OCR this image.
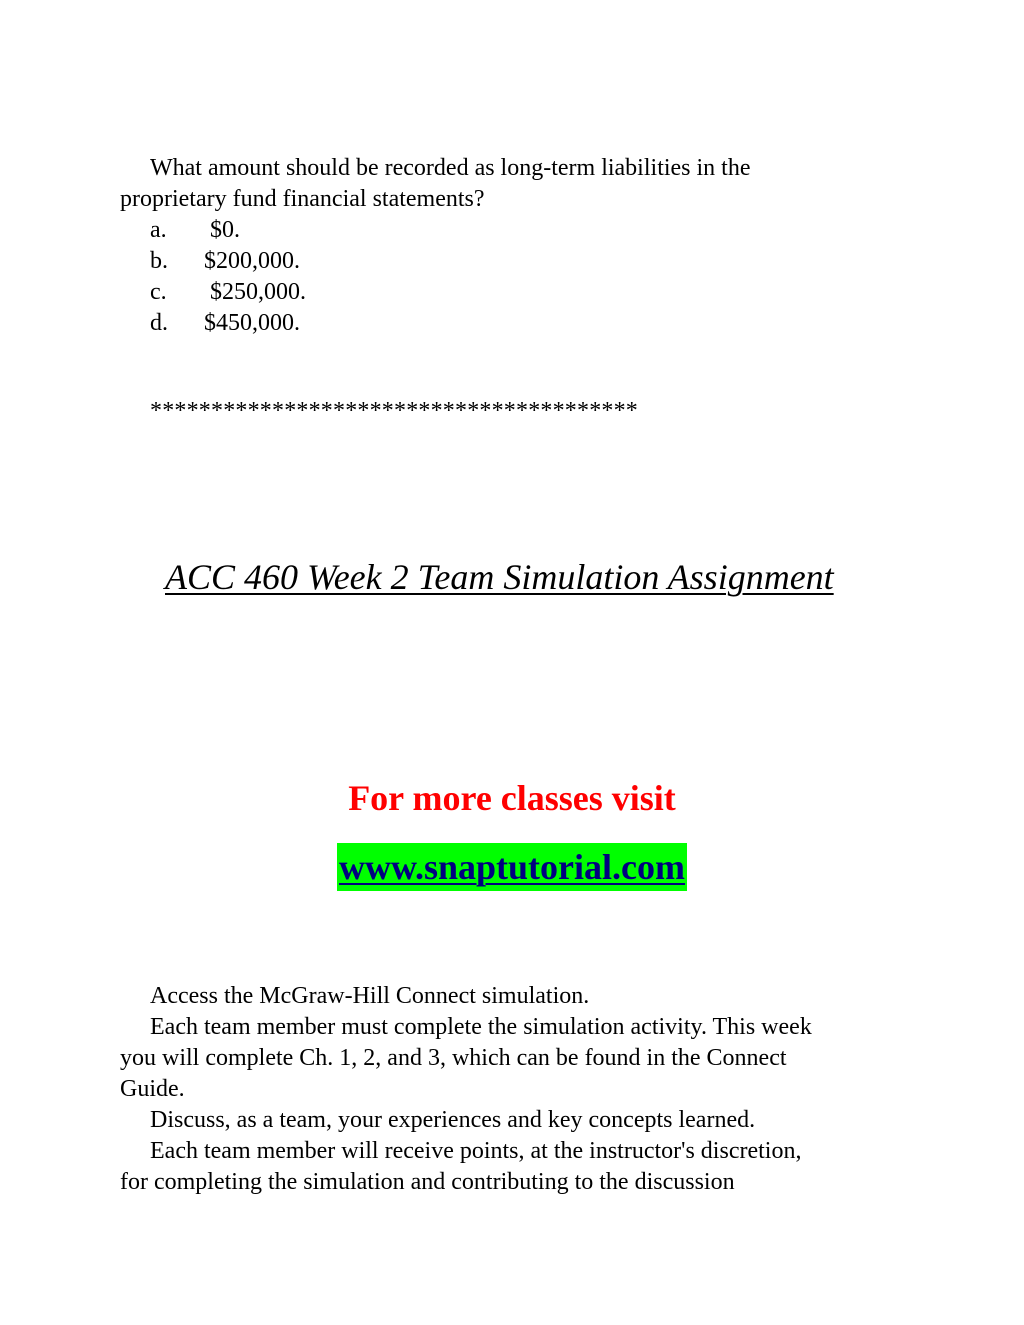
What amount should be recorded as long-term liabilities in the
proprietary fund financial statements?
a. $0.
b. $200,000.
c. $250,000.
d. $450,000.
****************************************
ACC 460 Week 2 Team Simulation Assignment
For more classes visit
www.snaptutorial.com
Access the McGraw-Hill Connect simulation.
Each team member must complete the simulation activity. This week
you will complete Ch. 1, 2, and 3, which can be found in the Connect
Guide.
Discuss, as a team, your experiences and key concepts learned.
Each team member will receive points, at the instructor's discretion,
for completing the simulation and contributing to the discussion
